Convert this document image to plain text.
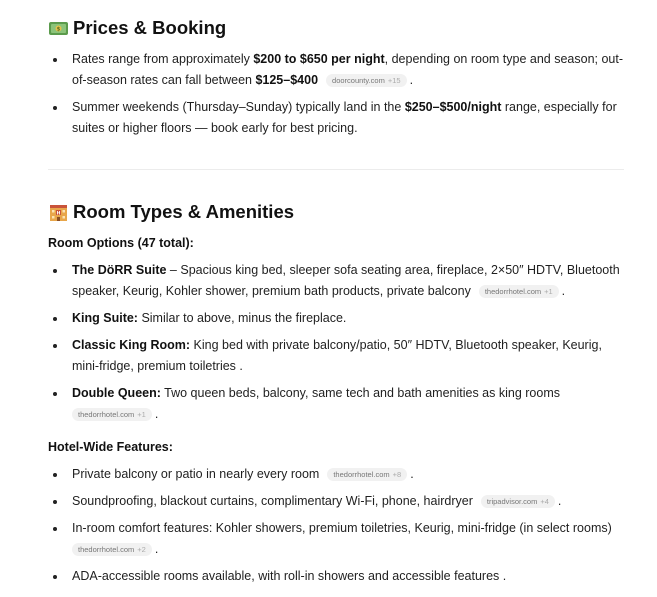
$ Prices & Booking
Rates range from approximately $200 to $650 per night, depending on room type and season; out-of-season rates can fall between $125–$400 doorcounty.com +15 .
Summer weekends (Thursday–Sunday) typically land in the $250–$500/night range, especially for suites or higher floors — book early for best pricing.
H Room Types & Amenities
Room Options (47 total):
The DöRR Suite – Spacious king bed, sleeper sofa seating area, fireplace, 2×50″ HDTV, Bluetooth speaker, Keurig, Kohler shower, premium bath products, private balcony thedorrhotel.com +1 .
King Suite: Similar to above, minus the fireplace.
Classic King Room: King bed with private balcony/patio, 50″ HDTV, Bluetooth speaker, Keurig, mini-fridge, premium toiletries .
Double Queen: Two queen beds, balcony, same tech and bath amenities as king rooms
thedorrhotel.com +1 .
Hotel-Wide Features:
Private balcony or patio in nearly every room thedorrhotel.com +8 .
Soundproofing, blackout curtains, complimentary Wi-Fi, phone, hairdryer tripadvisor.com +4 .
In-room comfort features: Kohler showers, premium toiletries, Keurig, mini-fridge (in select rooms)
thedorrhotel.com +2 .
ADA-accessible rooms available, with roll-in showers and accessible features .
